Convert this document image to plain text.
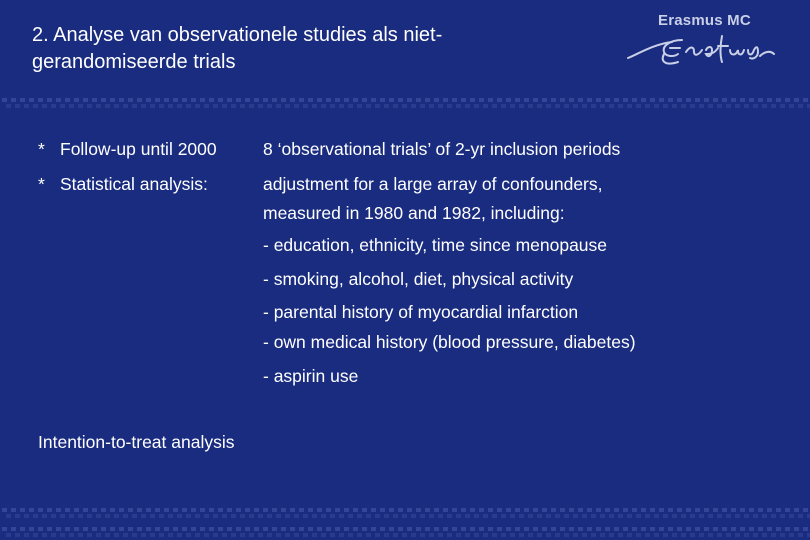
2. Analyse van observationele studies als niet-gerandomiseerde trials
Erasmus MC
* Follow-up until 2000	8 ‘observational trials’ of 2-yr inclusion periods
* Statistical analysis:	adjustment for a large array of confounders,
measured in 1980 and 1982, including:
- education, ethnicity, time since menopause
- smoking, alcohol, diet, physical activity
- parental history of myocardial infarction
- own medical history (blood pressure, diabetes)
- aspirin use
Intention-to-treat analysis
